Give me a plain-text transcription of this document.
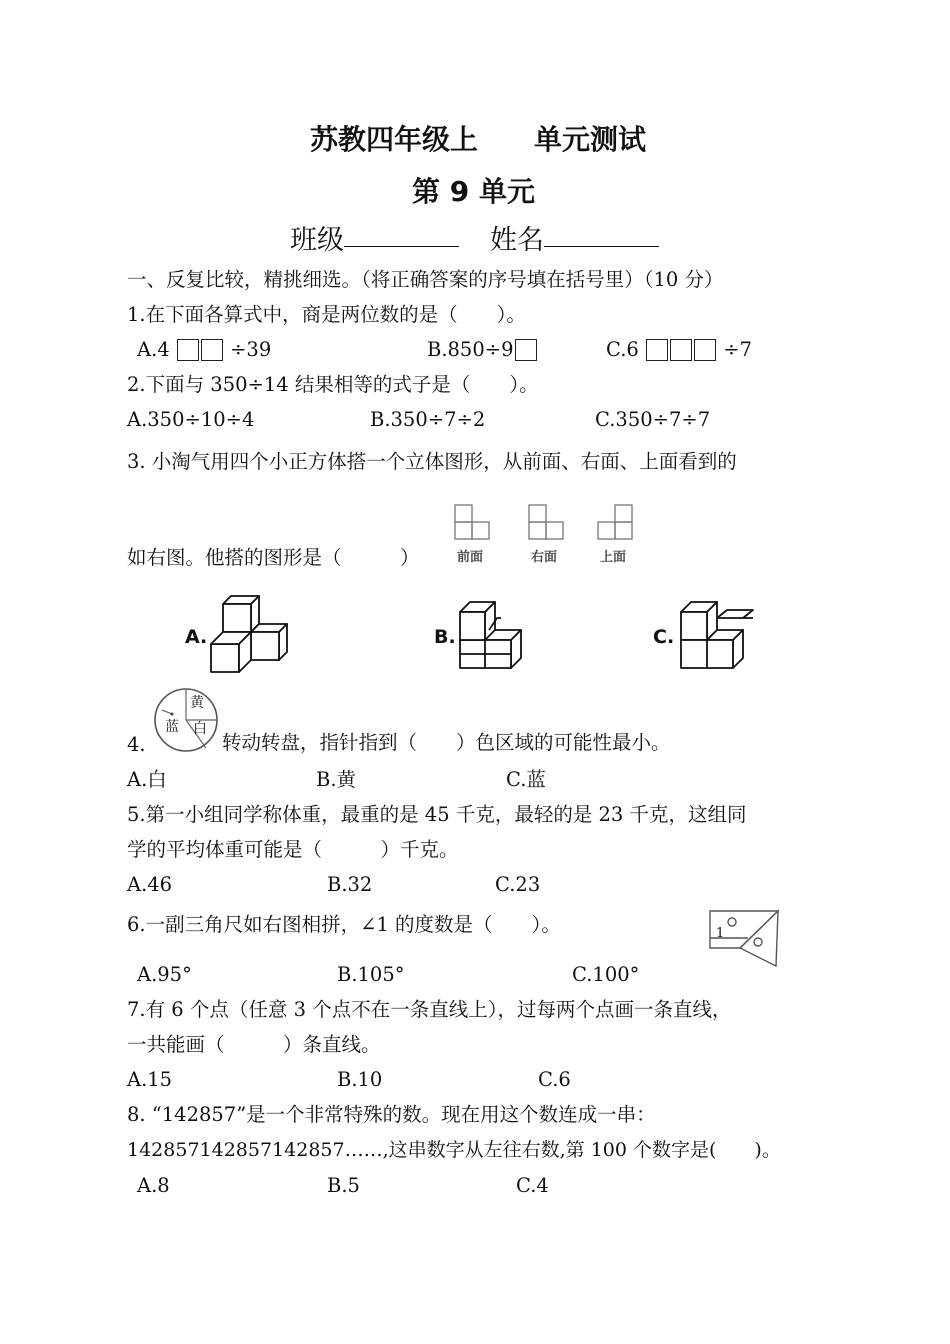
苏教四年级上　　单元测试
第 9 单元
班级	姓名
一、反复比较，精挑细选。（将正确答案的序号填在括号里）（10 分）
1.在下面各算式中，商是两位数的是（　　）。
A.4	÷39	B.850÷9	C.6	÷7
2.下面与 350÷14 结果相等的式子是（　　）。
A.350÷10÷4	B.350÷7÷2	C.350÷7÷7
3. 小淘气用四个小正方体搭一个立体图形，从前面、右面、上面看到的
如右图。他搭的图形是（　　　）	前面	右面	上面
A.	B.	C.
黄
白
蓝
4.	转动转盘，指针指到（　　）色区域的可能性最小。
A.白	B.黄	C.蓝
5.第一小组同学称体重，最重的是 45 千克，最轻的是 23 千克，这组同
学的平均体重可能是（　　　）千克。
A.46	B.32	C.23
6.一副三角尺如右图相拼，∠1 的度数是（　　）。	1
A.95°	B.105°	C.100°
7.有 6 个点（任意 3 个点不在一条直线上），过每两个点画一条直线，
一共能画（　　　）条直线。
A.15	B.10	C.6
8. “142857”是一个非常特殊的数。现在用这个数连成一串：
142857142857142857……,这串数字从左往右数,第 100 个数字是(　　)。
A.8	B.5	C.4
